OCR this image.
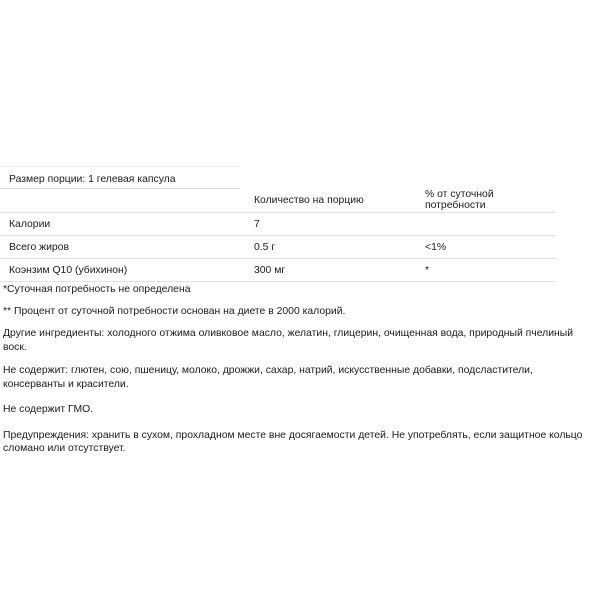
Размер порции: 1 гелевая капсула
	Количество на порцию	% от суточной потребности
Калории	7	
Всего жиров	0.5 г	<1%
Коэнзим Q10 (убихинон)	300 мг	*

*Суточная потребность не определена

** Процент от суточной потребности основан на диете в 2000 калорий.

Другие ингредиенты: холодного отжима оливковое масло, желатин, глицерин, очищенная вода, природный пчелиный воск.

Не содержит: глютен, сою, пшеницу, молоко, дрожжи, сахар, натрий, искусственные добавки, подсластители, консерванты и красители.

Не содержит ГМО.

Предупреждения: хранить в сухом, прохладном месте вне досягаемости детей. Не употреблять, если защитное кольцо сломано или отсутствует.
